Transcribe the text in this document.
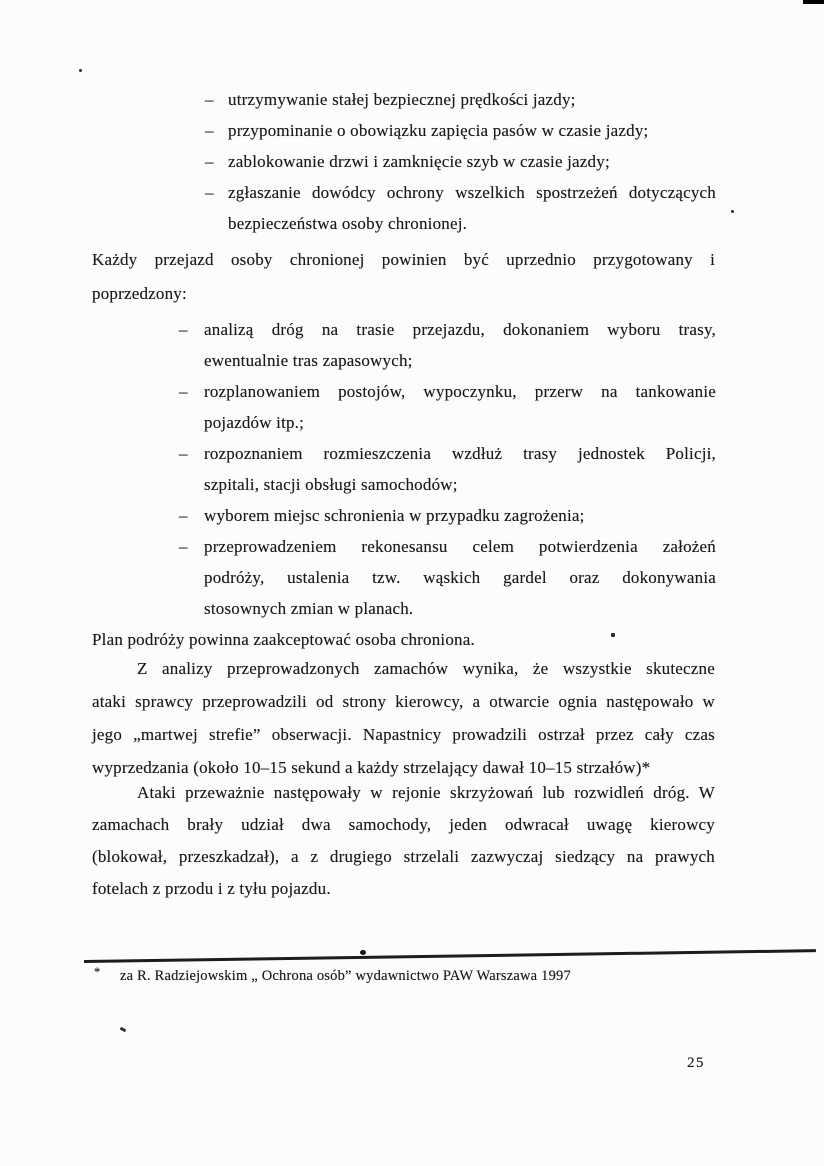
– utrzymywanie stałej bezpiecznej prędkości jazdy;
– przypominanie o obowiązku zapięcia pasów w czasie jazdy;
– zablokowanie drzwi i zamknięcie szyb w czasie jazdy;
– zgłaszanie dowódcy ochrony wszelkich spostrzeżeń dotyczących
bezpieczeństwa osoby chronionej.
Każdy przejazd osoby chronionej powinien być uprzednio przygotowany i
poprzedzony:
– analizą dróg na trasie przejazdu, dokonaniem wyboru trasy,
ewentualnie tras zapasowych;
– rozplanowaniem postojów, wypoczynku, przerw na tankowanie
pojazdów itp.;
– rozpoznaniem rozmieszczenia wzdłuż trasy jednostek Policji,
szpitali, stacji obsługi samochodów;
– wyborem miejsc schronienia w przypadku zagrożenia;
– przeprowadzeniem rekonesansu celem potwierdzenia założeń
podróży, ustalenia tzw. wąskich gardel oraz dokonywania
stosownych zmian w planach.
Plan podróży powinna zaakceptować osoba chroniona.
Z analizy przeprowadzonych zamachów wynika, że wszystkie skuteczne
ataki sprawcy przeprowadzili od strony kierowcy, a otwarcie ognia następowało w
jego „martwej strefie” obserwacji. Napastnicy prowadzili ostrzał przez cały czas
wyprzedzania (około 10–15 sekund a każdy strzelający dawał 10–15 strzałów)*
Ataki przeważnie następowały w rejonie skrzyżowań lub rozwidleń dróg. W
zamachach brały udział dwa samochody, jeden odwracał uwagę kierowcy
(blokował, przeszkadzał), a z drugiego strzelali zazwyczaj siedzący na prawych
fotelach z przodu i z tyłu pojazdu.
* za R. Radziejowskim „ Ochrona osób” wydawnictwo PAW Warszawa 1997
25
